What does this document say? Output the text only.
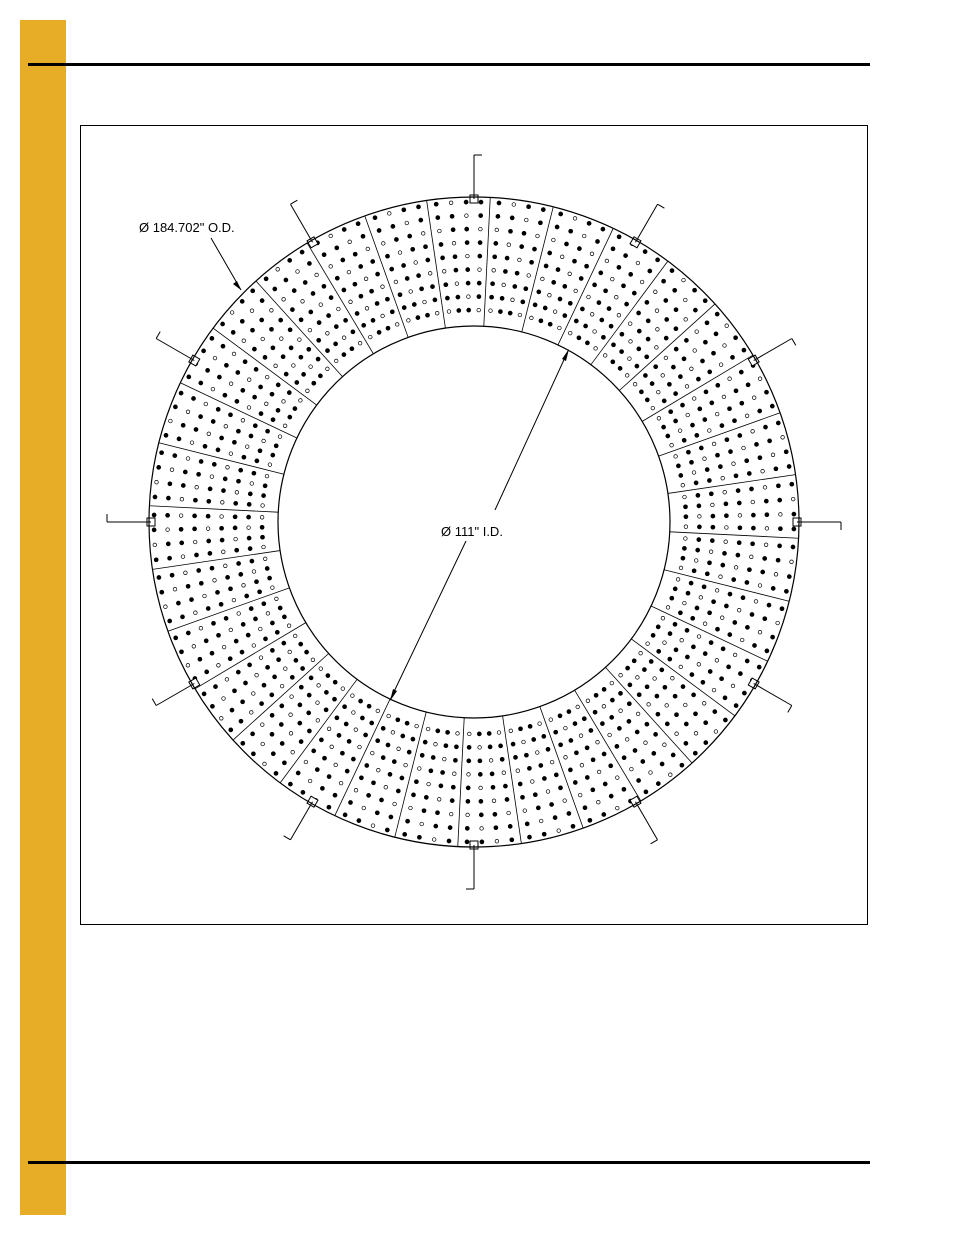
Ø 184.702" O.D.
Ø 111" I.D.
